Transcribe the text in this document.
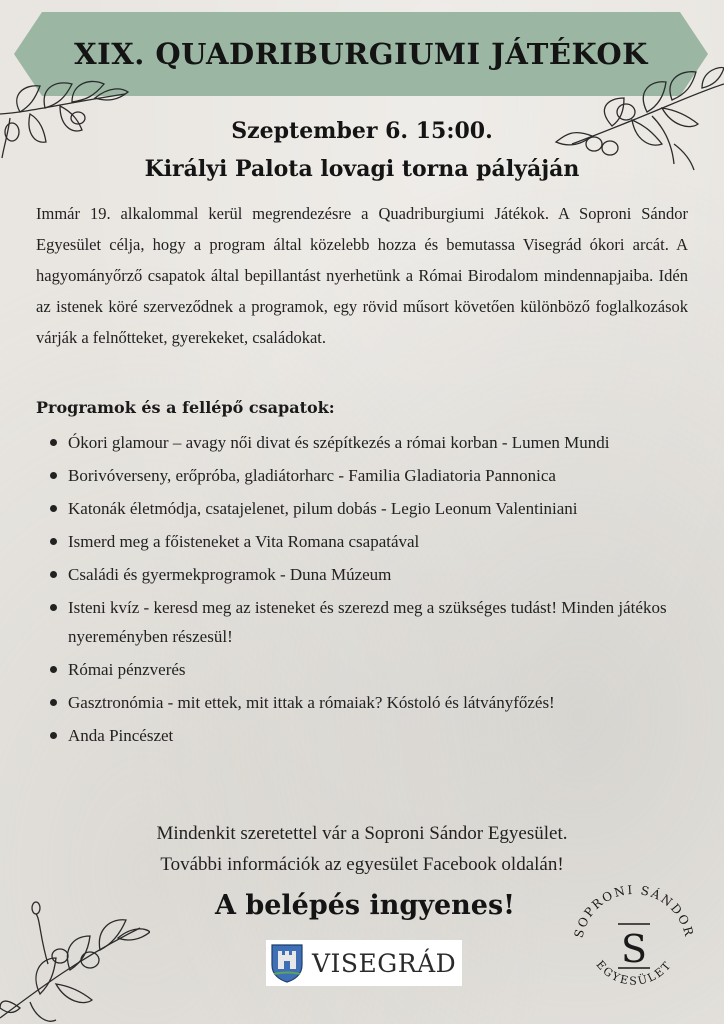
XIX. QUADRIBURGIUMI JÁTÉKOK
Szeptember 6. 15:00.
Királyi Palota lovagi torna pályáján
Immár 19. alkalommal kerül megrendezésre a Quadriburgiumi Játékok. A Soproni Sándor Egyesület célja, hogy a program által közelebb hozza és bemutassa Visegrád ókori arcát. A hagyományőrző csapatok által bepillantást nyerhetünk a Római Birodalom mindennapjaiba. Idén az istenek köré szerveződnek a programok, egy rövid műsort követően különböző foglalkozások várják a felnőtteket, gyerekeket, családokat.
Programok és a fellépő csapatok:
Ókori glamour – avagy női divat és szépítkezés a római korban - Lumen Mundi
Borivóverseny, erőpróba, gladiátorharc - Familia Gladiatoria Pannonica
Katonák életmódja, csatajelenet, pilum dobás - Legio Leonum Valentiniani
Ismerd meg a főisteneket a Vita Romana csapatával
Családi és gyermekprogramok - Duna Múzeum
Isteni kvíz - keresd meg az isteneket és szerezd meg a szükséges tudást! Minden játékos nyereményben részesül!
Római pénzverés
Gasztronómia - mit ettek, mit ittak a rómaiak? Kóstoló és látványfőzés!
Anda Pincészet
Mindenkit szeretettel vár a Soproni Sándor Egyesület.
További információk az egyesület Facebook oldalán!
A belépés ingyenes!
VISEGRÁD
SOPRONI SÁNDOR
EGYESÜLET
S
